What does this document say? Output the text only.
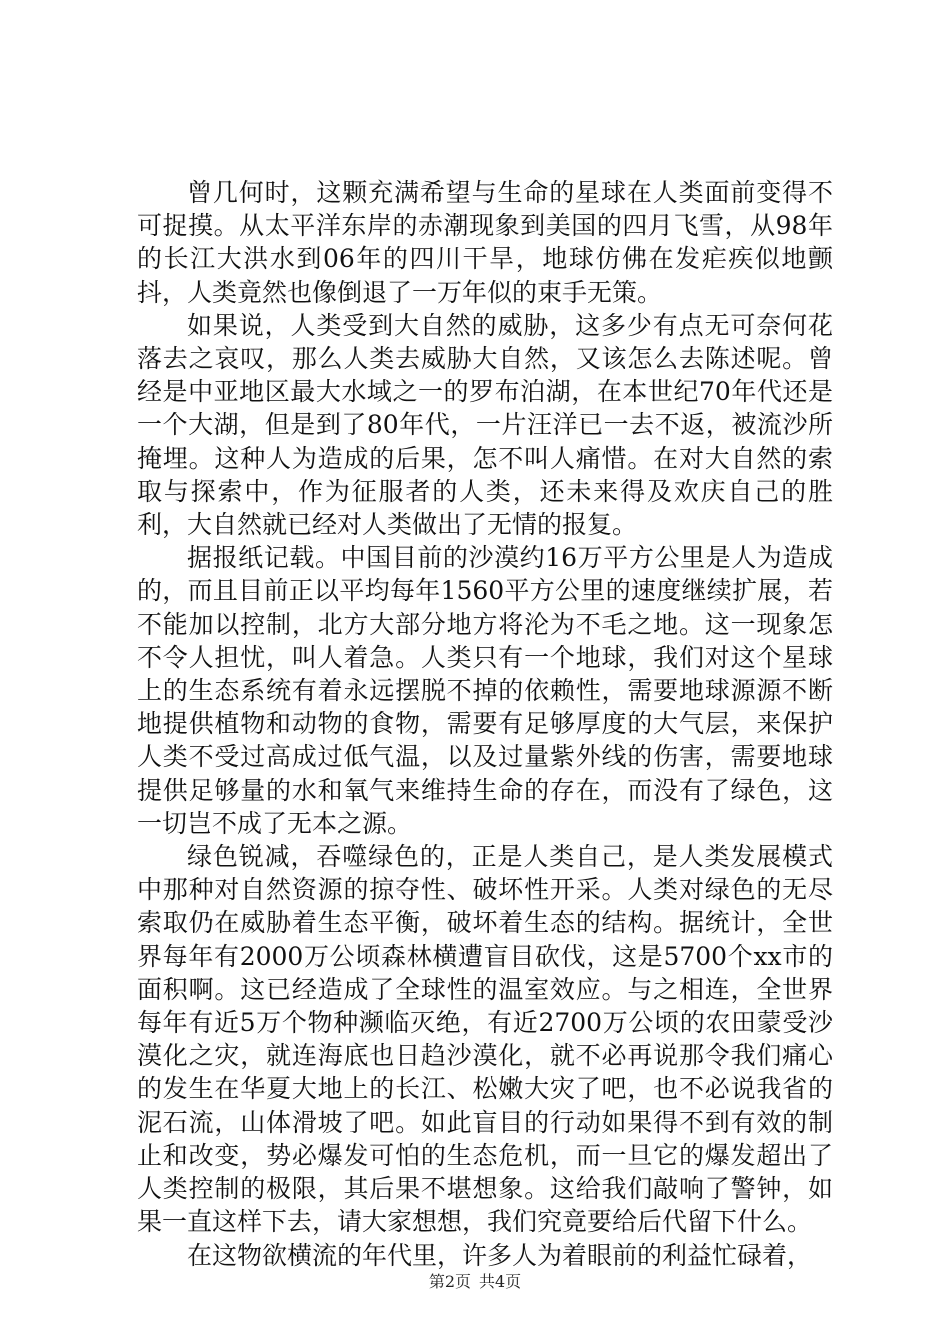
曾几何时，这颗充满希望与生命的星球在人类面前变得不可捉摸。从太平洋东岸的赤潮现象到美国的四月飞雪，从98年的长江大洪水到06年的四川干旱，地球仿佛在发疟疾似地颤抖，人类竟然也像倒退了一万年似的束手无策。

如果说，人类受到大自然的威胁，这多少有点无可奈何花落去之哀叹，那么人类去威胁大自然，又该怎么去陈述呢。曾经是中亚地区最大水域之一的罗布泊湖，在本世纪70年代还是一个大湖，但是到了80年代，一片汪洋已一去不返，被流沙所掩埋。这种人为造成的后果，怎不叫人痛惜。在对大自然的索取与探索中，作为征服者的人类，还未来得及欢庆自己的胜利，大自然就已经对人类做出了无情的报复。

据报纸记载。中国目前的沙漠约16万平方公里是人为造成的，而且目前正以平均每年1560平方公里的速度继续扩展，若不能加以控制，北方大部分地方将沦为不毛之地。这一现象怎不令人担忧，叫人着急。人类只有一个地球，我们对这个星球上的生态系统有着永远摆脱不掉的依赖性，需要地球源源不断地提供植物和动物的食物，需要有足够厚度的大气层，来保护人类不受过高成过低气温，以及过量紫外线的伤害，需要地球提供足够量的水和氧气来维持生命的存在，而没有了绿色，这一切岂不成了无本之源。

绿色锐减，吞噬绿色的，正是人类自己，是人类发展模式中那种对自然资源的掠夺性、破坏性开采。人类对绿色的无尽索取仍在威胁着生态平衡，破坏着生态的结构。据统计，全世界每年有2000万公顷森林横遭盲目砍伐，这是5700个xx市的面积啊。这已经造成了全球性的温室效应。与之相连，全世界每年有近5万个物种濒临灭绝，有近2700万公顷的农田蒙受沙漠化之灾，就连海底也日趋沙漠化，就不必再说那令我们痛心的发生在华夏大地上的长江、松嫩大灾了吧，也不必说我省的泥石流，山体滑坡了吧。如此盲目的行动如果得不到有效的制止和改变，势必爆发可怕的生态危机，而一旦它的爆发超出了人类控制的极限，其后果不堪想象。这给我们敲响了警钟，如果一直这样下去，请大家想想，我们究竟要给后代留下什么。

在这物欲横流的年代里，许多人为着眼前的利益忙碌着，

第2页 共4页
